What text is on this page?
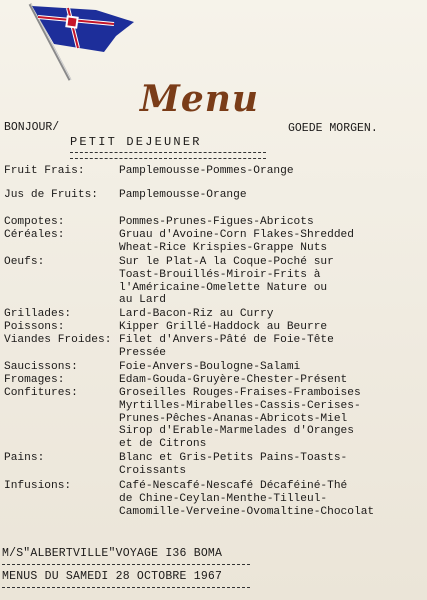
Menu
BONJOUR/	GOEDE MORGEN.
PETIT DEJEUNER
Fruit Frais:	Pamplemousse-Pommes-Orange
Jus de Fruits: Pamplemousse-Orange
Compotes:	Pommes-Prunes-Figues-Abricots
Céréales:	Gruau d'Avoine-Corn Flakes-Shredded
Wheat-Rice Krispies-Grappe Nuts
Oeufs:	Sur le Plat-A la Coque-Poché sur
Toast-Brouillés-Miroir-Frits à
l'Américaine-Omelette Nature ou
au Lard
Grillades:	Lard-Bacon-Riz au Curry
Poissons:	Kipper Grillé-Haddock au Beurre
Viandes Froides: Filet d'Anvers-Pâté de Foie-Tête
Pressée
Saucissons:	Foie-Anvers-Boulogne-Salami
Fromages:	Edam-Gouda-Gruyère-Chester-Présent
Confitures:	Groseilles Rouges-Fraises-Framboises
Myrtilles-Mirabelles-Cassis-Cerises-
Prunes-Pêches-Ananas-Abricots-Miel
Sirop d'Erable-Marmelades d'Oranges
et de Citrons
Pains:	Blanc et Gris-Petits Pains-Toasts-
Croissants
Infusions:	Café-Nescafé-Nescafé Décaféiné-Thé
de Chine-Ceylan-Menthe-Tilleul-
Camomille-Verveine-Ovomaltine-Chocolat
M/S"ALBERTVILLE"VOYAGE I36 BOMA
MENUS DU SAMEDI 28 OCTOBRE 1967
